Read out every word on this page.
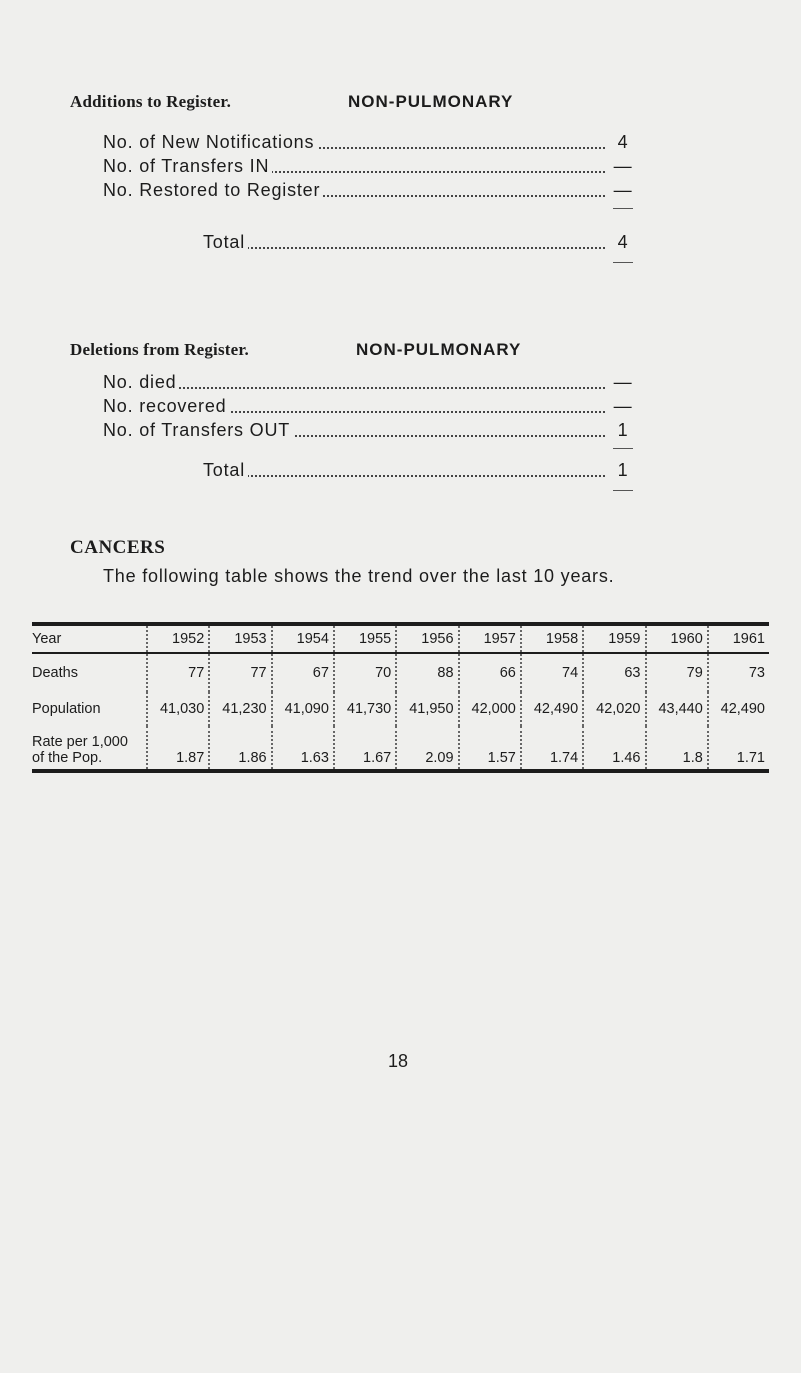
Additions to Register.	NON-PULMONARY
No. of New Notifications	4
No. of Transfers IN	—
No. Restored to Register	—
Total	4
Deletions from Register.	NON-PULMONARY
No. died	—
No. recovered	—
No. of Transfers OUT	1
Total	1
CANCERS
The following table shows the trend over the last 10 years.
Year	1952	1953	1954	1955	1956	1957	1958	1959	1960	1961
Deaths	77	77	67	70	88	66	74	63	79	73
Population	41,030	41,230	41,090	41,730	41,950	42,000	42,490	42,020	43,440	42,490

Rate per 1,000
of the Pop.	1.87	1.86	1.63	1.67	2.09	1.57	1.74	1.46	1.8	1.71
18
